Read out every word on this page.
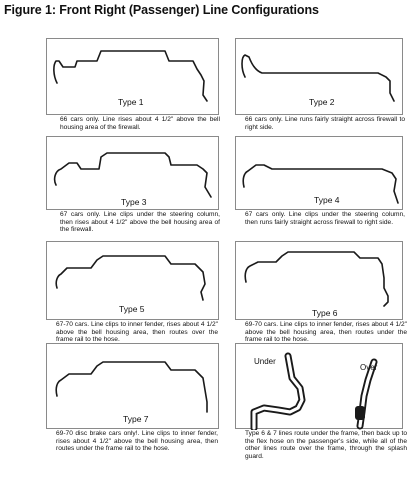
Figure 1: Front Right (Passenger) Line Configurations
Type 1
66 cars only. Line rises about 4 1/2" above the bell housing area of the firewall.
Type 2
66 cars only. Line runs fairly straight across firewall to right side.
Type 3
67 cars only. Line clips under the steering column, then rises about 4 1/2" above the bell housing area of the firewall.
Type 4
67 cars only. Line clips under the steering column, then runs fairly straight across firewall to right side.
Type 5
67-70 cars. Line clips to inner fender, rises about 4 1/2" above the bell housing area, then routes over the frame rail to the hose.
Type 6
69-70 cars. Line clips to inner fender, rises about 4 1/2" above the bell housing area, then routes under the frame rail to the hose.
Type 7
69-70 disc brake cars only!. Line clips to inner fender, rises about 4 1/2" above the bell housing area, then routes under the frame rail to the hose.
Under
Over
Type 6 & 7 lines route under the frame, then back up to the flex hose on the passenger's side, while all of the other lines route over the frame, through the splash guard.
